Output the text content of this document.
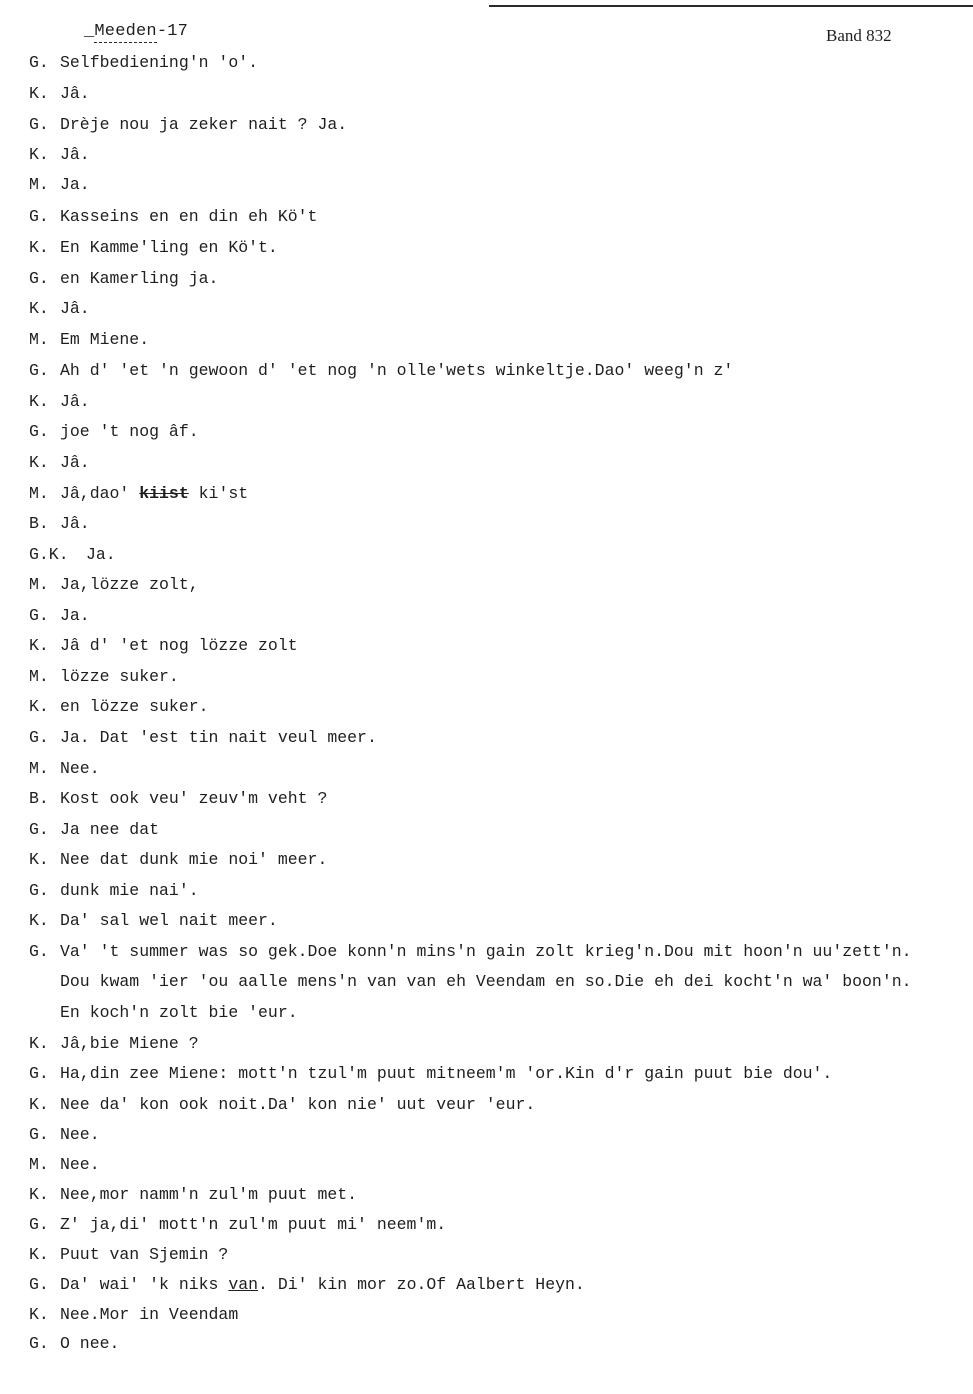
_Meeden-17	Band 832
G. Selfbediening'n 'o'.
K. Jâ.
G. Drèje nou ja zeker nait ? Ja.
K. Jâ.
M. Ja.
G. Kasseins en en din eh Kö't
K. En Kamme'ling en Kö't.
G. en Kamerling ja.
K. Jâ.
M. Em Miene.
G. Ah d' 'et 'n gewoon d' 'et nog 'n olle'wets winkeltje.Dao' weeg'n z'
K. Jâ.
G. joe 't nog âf.
K. Jâ.
M. Jâ,dao' kiist ki'st
B. Jâ.
G.K. Ja.
M. Ja,lözze zolt,
G. Ja.
K. Jâ d' 'et nog lözze zolt
M. lözze suker.
K. en lözze suker.
G. Ja. Dat 'est tin nait veul meer.
M. Nee.
B. Kost ook veu' zeuv'm veht ?
G. Ja nee dat
K. Nee dat dunk mie noi' meer.
G. dunk mie nai'.
K. Da' sal wel nait meer.
G. Va' 't summer was so gek.Doe konn'n mins'n gain zolt krieg'n.Dou mit hoon'n uu'zett'n.
Dou kwam 'ier 'ou aalle mens'n van van eh Veendam en so.Die eh dei kocht'n wa' boon'n.
En koch'n zolt bie 'eur.
K. Jâ,bie Miene ?
G. Ha,din zee Miene: mott'n tzul'm puut mitneem'm 'or.Kin d'r gain puut bie dou'.
K. Nee da' kon ook noit.Da' kon nie' uut veur 'eur.
G. Nee.
M. Nee.
K. Nee,mor namm'n zul'm puut met.
G. Z' ja,di' mott'n zul'm puut mi' neem'm.
K. Puut van Sjemin ?
G. Da' wai' 'k niks van. Di' kin mor zo.Of Aalbert Heyn.
K. Nee.Mor in Veendam
G. O nee.
